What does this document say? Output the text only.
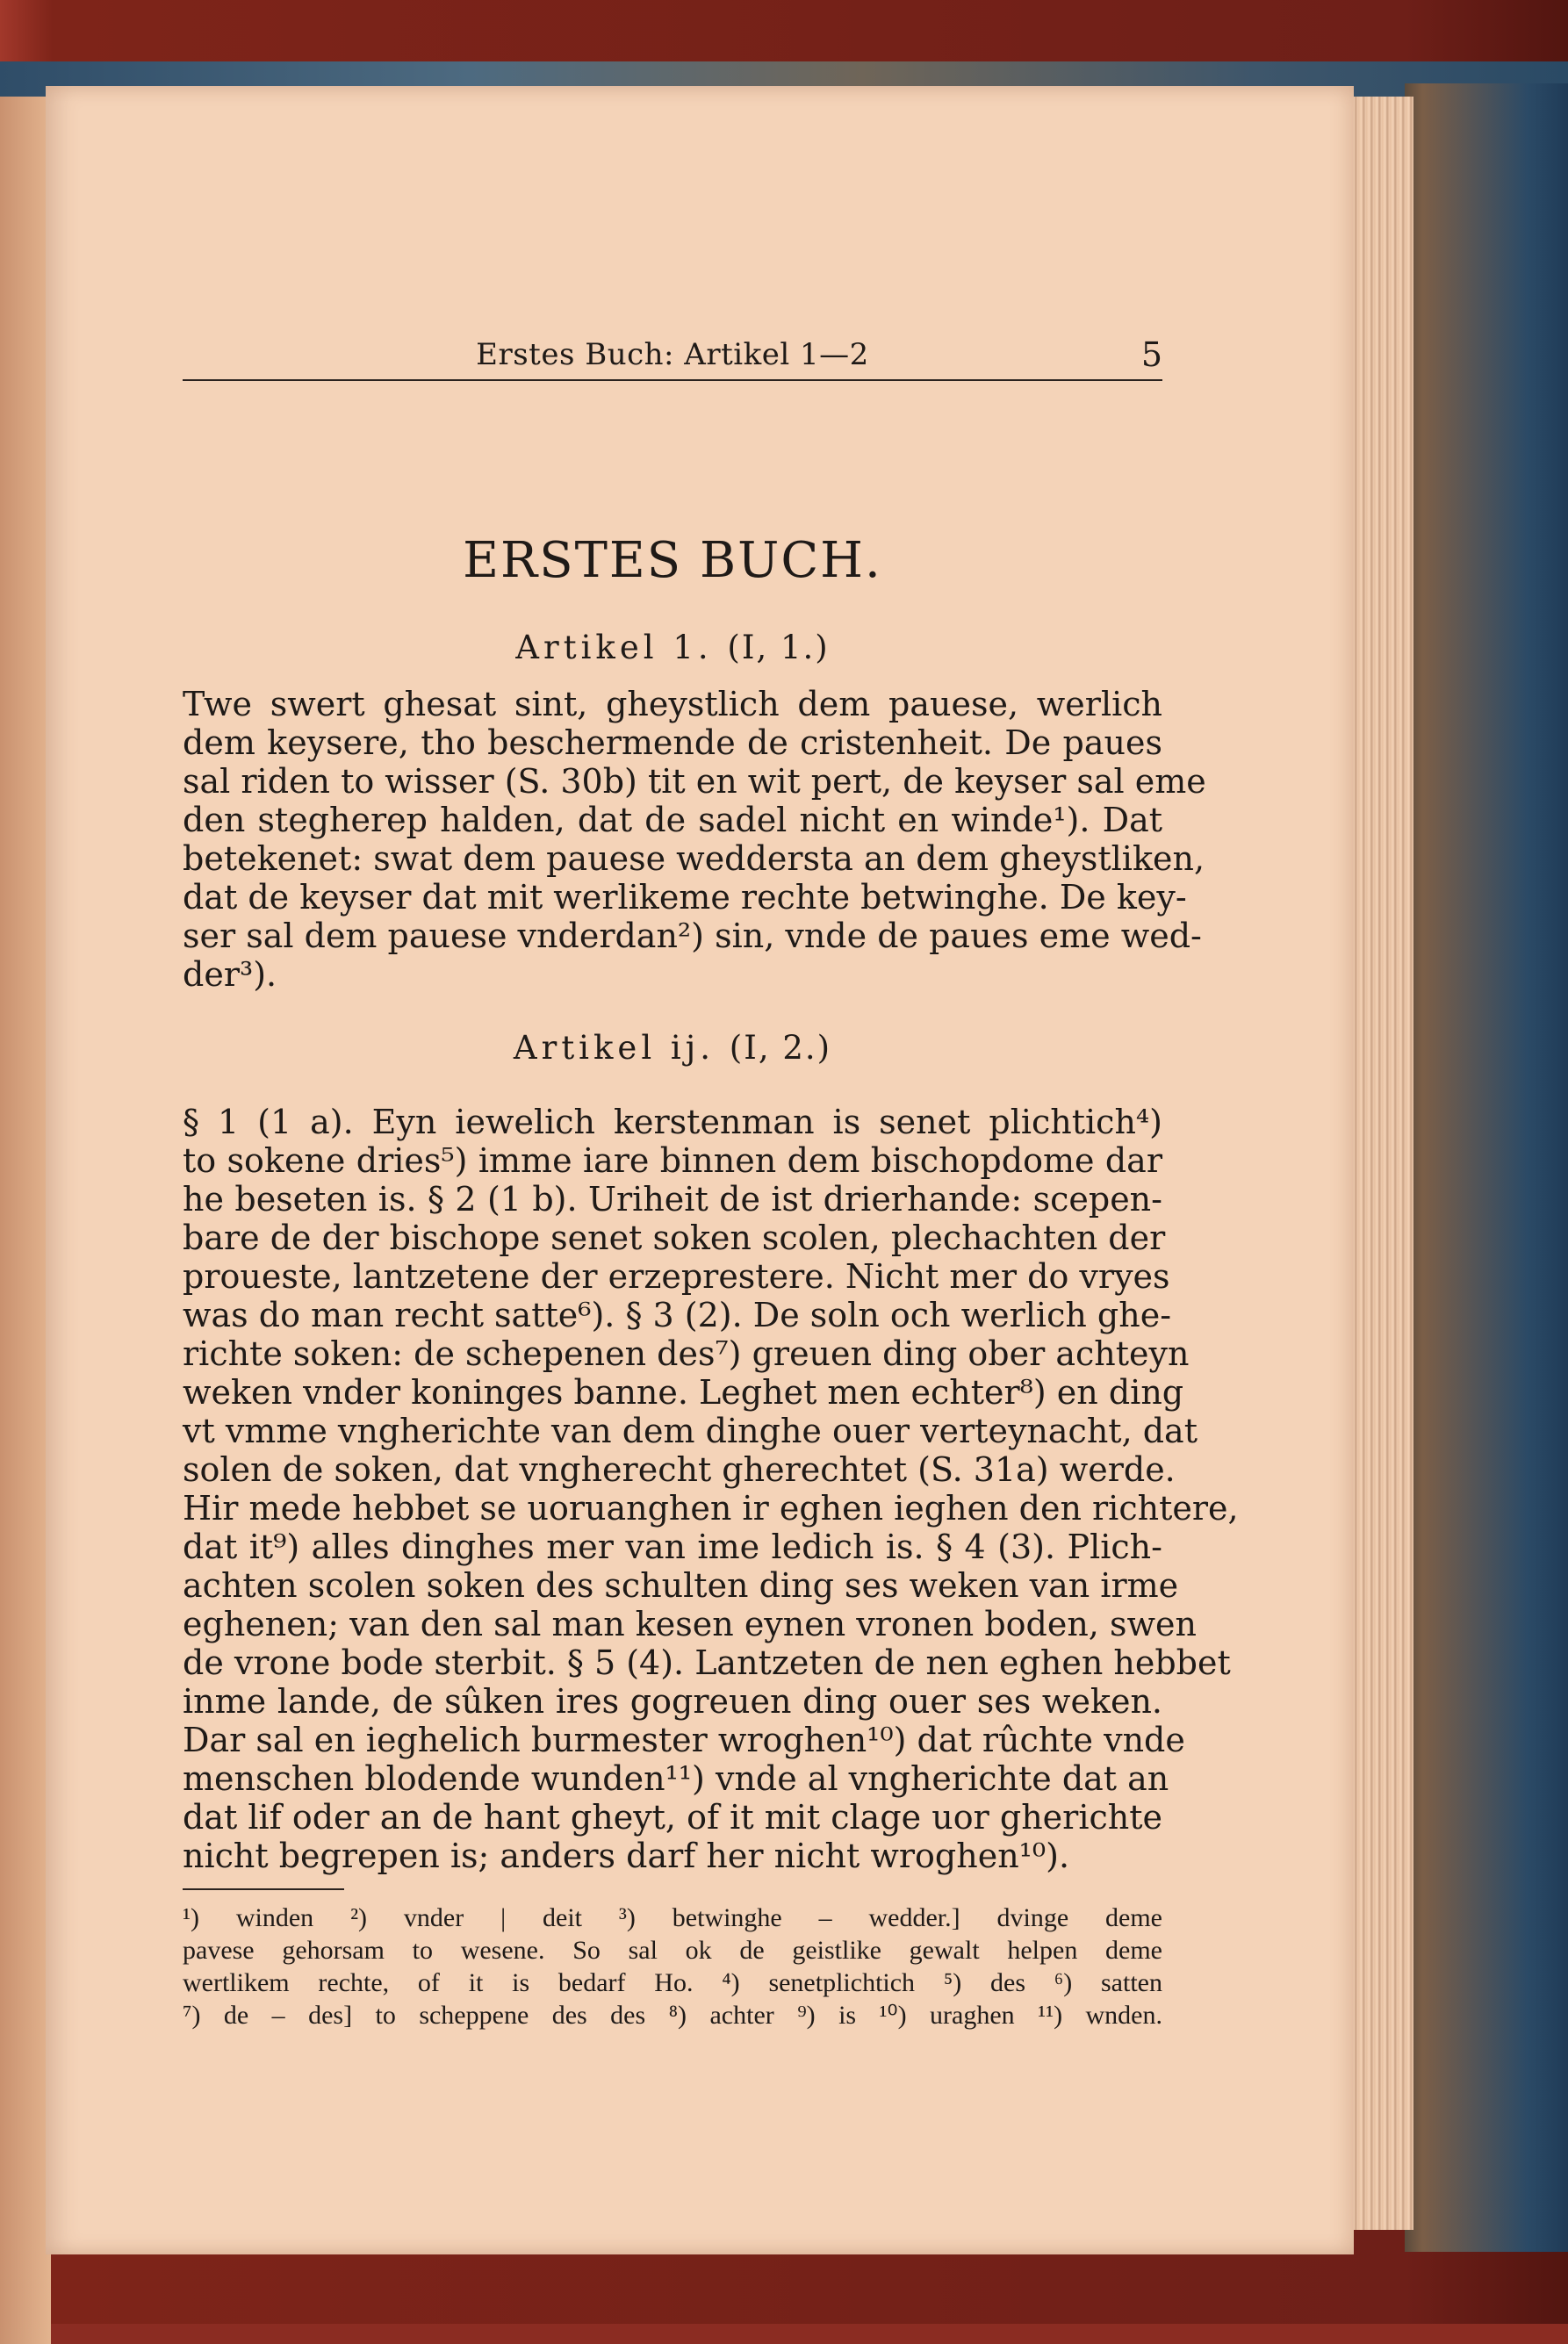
Erstes Buch: Artikel 1—2	5
ERSTES BUCH.
Artikel 1. (I, 1.)
Twe swert ghesat sint, gheystlich dem pauese, werlich
dem keysere, tho beschermende de cristenheit. De paues
sal riden to wisser (S. 30b) tit en wit pert, de keyser sal eme
den stegherep halden, dat de sadel nicht en winde¹). Dat
betekenet: swat dem pauese weddersta an dem gheystliken,
dat de keyser dat mit werlikeme rechte betwinghe. De key-
ser sal dem pauese vnderdan²) sin, vnde de paues eme wed-
der³).
Artikel ij. (I, 2.)
§ 1 (1 a). Eyn iewelich kerstenman is senet plichtich⁴)
to sokene dries⁵) imme iare binnen dem bischopdome dar
he beseten is. § 2 (1 b). Uriheit de ist drierhande: scepen-
bare de der bischope senet soken scolen, plechachten der
proueste, lantzetene der erzeprestere. Nicht mer do vryes
was do man recht satte⁶). § 3 (2). De soln och werlich ghe-
richte soken: de schepenen des⁷) greuen ding ober achteyn
weken vnder koninges banne. Leghet men echter⁸) en ding
vt vmme vngherichte van dem dinghe ouer verteynacht, dat
solen de soken, dat vngherecht gherechtet (S. 31a) werde.
Hir mede hebbet se uoruanghen ir eghen ieghen den richtere,
dat it⁹) alles dinghes mer van ime ledich is. § 4 (3). Plich-
achten scolen soken des schulten ding ses weken van irme
eghenen; van den sal man kesen eynen vronen boden, swen
de vrone bode sterbit. § 5 (4). Lantzeten de nen eghen hebbet
inme lande, de sûken ires gogreuen ding ouer ses weken.
Dar sal en ieghelich burmester wroghen¹⁰) dat rûchte vnde
menschen blodende wunden¹¹) vnde al vngherichte dat an
dat lif oder an de hant gheyt, of it mit clage uor gherichte
nicht begrepen is; anders darf her nicht wroghen¹⁰).
¹) winden ²) vnder | deit ³) betwinghe – wedder.] dvinge deme
pavese gehorsam to wesene. So sal ok de geistlike gewalt helpen deme
wertlikem rechte, of it is bedarf Ho. ⁴) senetplichtich ⁵) des ⁶) satten
⁷) de – des] to scheppene des des ⁸) achter ⁹) is ¹⁰) uraghen ¹¹) wnden.
